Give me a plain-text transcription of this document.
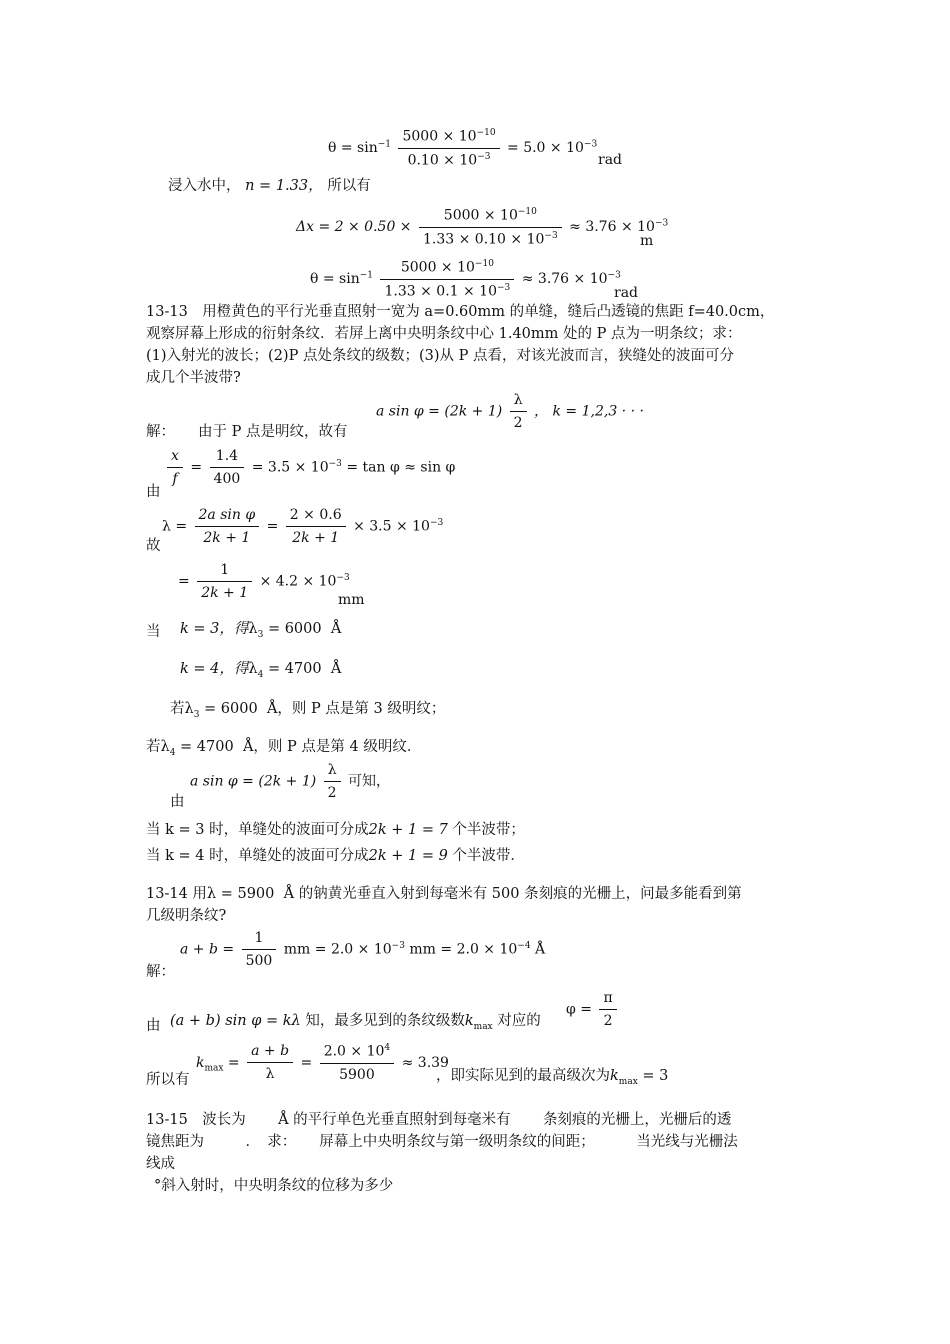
$\theta = \sin^{-1} \frac{5000 \times 10^{-10}}{0.10 \times 10^{-3}} = 5.0 \times 10^{-3}$
rad
浸入水中， n = 1.33， 所以有
$\Delta x = 2 \times 0.50 \times \frac{5000 \times 10^{-10}}{1.33 \times 0.10 \times 10^{-3}} \approx 3.76 \times 10^{-3}$
m
$\theta = \sin^{-1} \frac{5000 \times 10^{-10}}{1.33 \times 0.1 \times 10^{-3}} \approx 3.76 \times 10^{-3}$
rad
13-13　用橙黄色的平行光垂直照射一宽为 a=0.60mm 的单缝，缝后凸透镜的焦距 f=40.0cm，
观察屏幕上形成的衍射条纹．若屏上离中央明条纹中心 1.40mm 处的 P 点为一明条纹；求：
(1)入射光的波长；(2)P 点处条纹的级数；(3)从 P 点看，对该光波而言，狭缝处的波面可分
成几个半波带?
解： 由于 P 点是明纹，故有
a $\sin \varphi = (2k + 1) \frac{\lambda}{2}$ ， k = 1,2,3 · · ·
由
$\frac{x}{f} = \frac{1.4}{400} = 3.5 \times 10^{-3} = \tan \varphi \approx \sin \varphi$
故
$\lambda = \frac{\text{2a sin φ}}{2k + 1} = \frac{2 \times 0.6}{2k + 1} \times 3.5 \times 10^{-3}$
= $\frac{1}{2k + 1} \times 4.2 \times 10^{-3}$
mm
当 k = 3，得$\lambda_3 = 6000$ Å
k = 4，得$\lambda_4 = 4700$ Å
若$\lambda_3 = 6000$ Å，则 P 点是第 3 级明纹；
若$\lambda_4 = 4700$ Å，则 P 点是第 4 级明纹．
由
a $\sin \varphi = (2k + 1) \frac{\lambda}{2}$ 可知，
当 k = 3 时，单缝处的波面可分成2k + 1 = 7 个半波带；
当 k = 4 时，单缝处的波面可分成2k + 1 = 9 个半波带．
13-14 用λ = 5900 Å 的钠黄光垂直入射到每毫米有 500 条刻痕的光栅上，问最多能看到第
几级明条纹?
解：
$a + b = \frac{1}{500}$ mm = $2.0 \times 10^{-3}$ mm = $2.0 \times 10^{-4}$ Å
由 (a + b) sin φ = kλ 知，最多见到的条纹级数$k_{max}$ 对应的
$\varphi = \frac{\pi}{2}$
所以有
$k_{max} = \frac{a + b}{\lambda} = \frac{2.0 \times 10^4}{5900} \approx 3.39$
，即实际见到的最高级次为$k_{max} = 3$
13-15　波长为 Å 的平行单色光垂直照射到每毫米有 条刻痕的光栅上，光栅后的透
镜焦距为	．　求： 屏幕上中央明条纹与第一级明条纹的间距；	当光线与光栅法
线成
°斜入射时，中央明条纹的位移为多少
